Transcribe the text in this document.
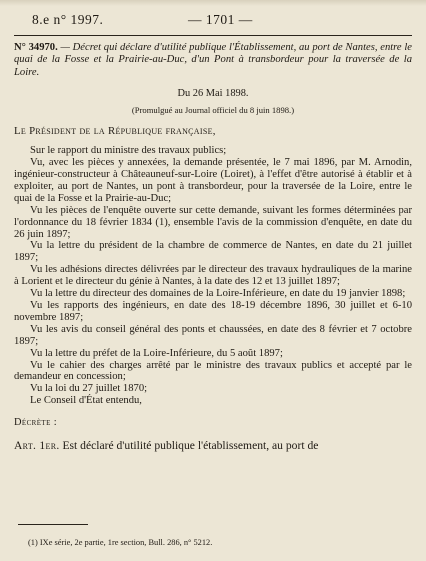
8.e n° 1997.	— 1701 —
N° 34970. — Décret qui déclare d'utilité publique l'Établissement, au port de Nantes, entre le quai de la Fosse et la Prairie-au-Duc, d'un Pont à transbordeur pour la traversée de la Loire.
Du 26 Mai 1898.
(Promulgué au Journal officiel du 8 juin 1898.)
Le Président de la République française,

Sur le rapport du ministre des travaux publics;

Vu, avec les pièces y annexées, la demande présentée, le 7 mai 1896, par M. Arnodin, ingénieur-constructeur à Châteauneuf-sur-Loire (Loiret), à l'effet d'être autorisé à établir et à exploiter, au port de Nantes, un pont à transbordeur, pour la traversée de la Loire, entre le quai de la Fosse et la Prairie-au-Duc;

Vu les pièces de l'enquête ouverte sur cette demande, suivant les formes déterminées par l'ordonnance du 18 février 1834 (1), ensemble l'avis de la commission d'enquête, en date du 26 juin 1897;

Vu la lettre du président de la chambre de commerce de Nantes, en date du 21 juillet 1897;

Vu les adhésions directes délivrées par le directeur des travaux hydrauliques de la marine à Lorient et le directeur du génie à Nantes, à la date des 12 et 13 juillet 1897;

Vu la lettre du directeur des domaines de la Loire-Inférieure, en date du 19 janvier 1898;

Vu les rapports des ingénieurs, en date des 18-19 décembre 1896, 30 juillet et 6-10 novembre 1897;

Vu les avis du conseil général des ponts et chaussées, en date des 8 février et 7 octobre 1897;

Vu la lettre du préfet de la Loire-Inférieure, du 5 août 1897;

Vu le cahier des charges arrêté par le ministre des travaux publics et accepté par le demandeur en concession;

Vu la loi du 27 juillet 1870;

Le Conseil d'État entendu,

Décrète :
Art. 1er. Est déclaré d'utilité publique l'établissement, au port de
(1) IXe série, 2e partie, 1re section, Bull. 286, n° 5212.
